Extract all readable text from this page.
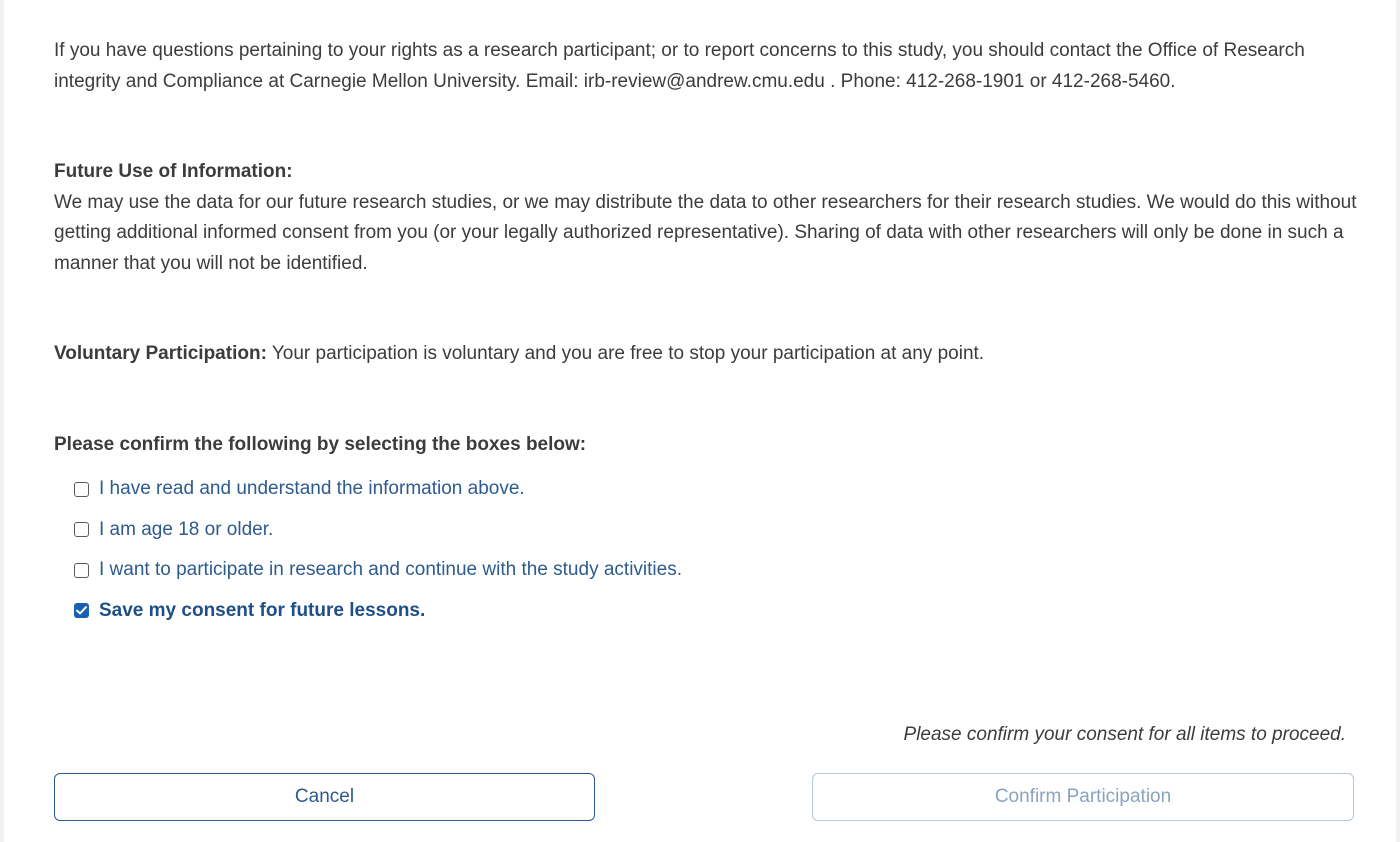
If you have questions pertaining to your rights as a research participant; or to report concerns to this study, you should contact the Office of Research integrity and Compliance at Carnegie Mellon University. Email: irb-review@andrew.cmu.edu . Phone: 412-268-1901 or 412-268-5460.

Future Use of Information:

We may use the data for our future research studies, or we may distribute the data to other researchers for their research studies. We would do this without getting additional informed consent from you (or your legally authorized representative). Sharing of data with other researchers will only be done in such a manner that you will not be identified.

Voluntary Participation: Your participation is voluntary and you are free to stop your participation at any point.

Please confirm the following by selecting the boxes below:

I have read and understand the information above.
I am age 18 or older.
I want to participate in research and continue with the study activities.
Save my consent for future lessons.
Please confirm your consent for all items to proceed.
Cancel	Confirm Participation
